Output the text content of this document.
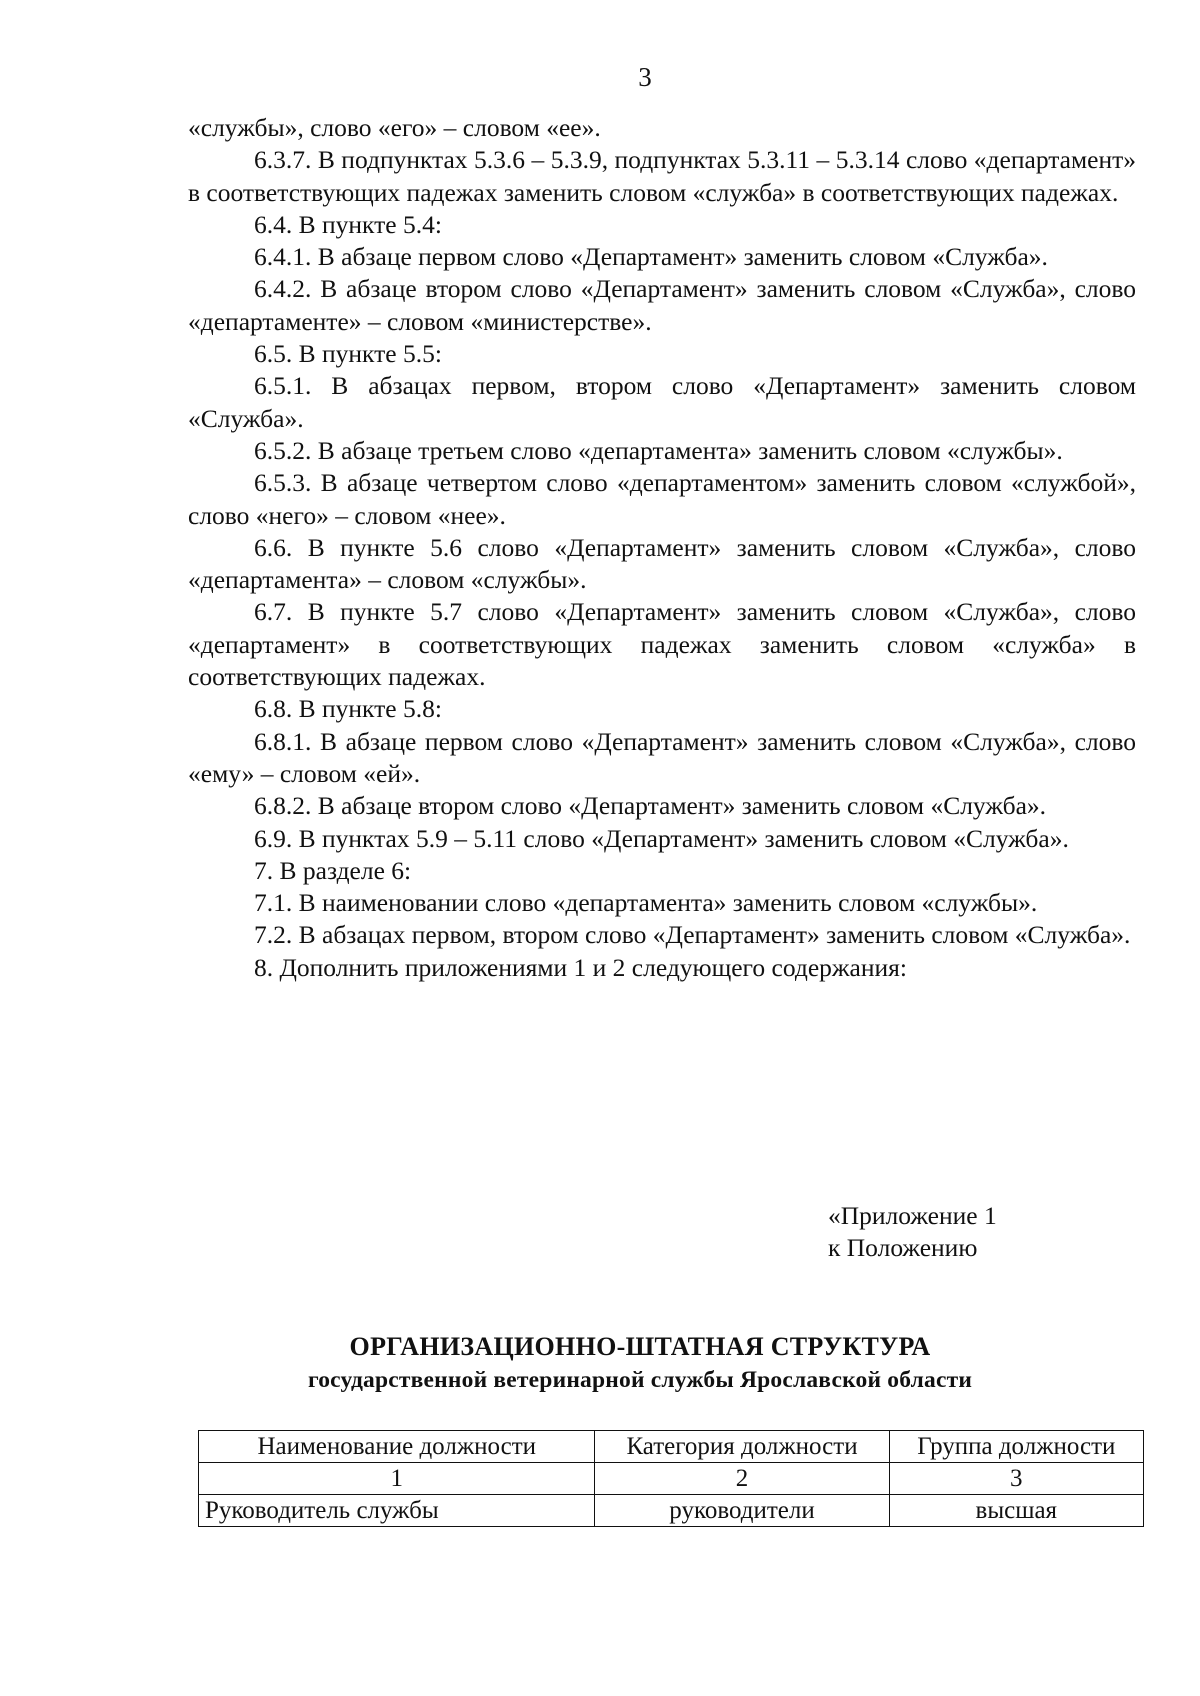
3

«службы», слово «его» – словом «ее».

6.3.7. В подпунктах 5.3.6 – 5.3.9, подпунктах 5.3.11 – 5.3.14 слово «департамент» в соответствующих падежах заменить словом «служба» в соответствующих падежах.

6.4. В пункте 5.4:

6.4.1. В абзаце первом слово «Департамент» заменить словом «Служба».

6.4.2. В абзаце втором слово «Департамент» заменить словом «Служба», слово «департаменте» – словом «министерстве».

6.5. В пункте 5.5:

6.5.1. В абзацах первом, втором слово «Департамент» заменить словом «Служба».

6.5.2. В абзаце третьем слово «департамента» заменить словом «службы».

6.5.3. В абзаце четвертом слово «департаментом» заменить словом «службой», слово «него» – словом «нее».

6.6. В пункте 5.6 слово «Департамент» заменить словом «Служба», слово «департамента» – словом «службы».

6.7. В пункте 5.7 слово «Департамент» заменить словом «Служба», слово «департамент» в соответствующих падежах заменить словом «служба» в соответствующих падежах.

6.8. В пункте 5.8:

6.8.1. В абзаце первом слово «Департамент» заменить словом «Служба», слово «ему» – словом «ей».

6.8.2. В абзаце втором слово «Департамент» заменить словом «Служба».

6.9. В пунктах 5.9 – 5.11 слово «Департамент» заменить словом «Служба».

7. В разделе 6:

7.1. В наименовании слово «департамента» заменить словом «службы».

7.2. В абзацах первом, втором слово «Департамент» заменить словом «Служба».

8. Дополнить приложениями 1 и 2 следующего содержания:

«Приложение 1
к Положению
ОРГАНИЗАЦИОННО-ШТАТНАЯ СТРУКТУРА
государственной ветеринарной службы Ярославской области
Наименование должности	Категория должности	Группа должности
1	2	3
Руководитель службы	руководители	высшая
